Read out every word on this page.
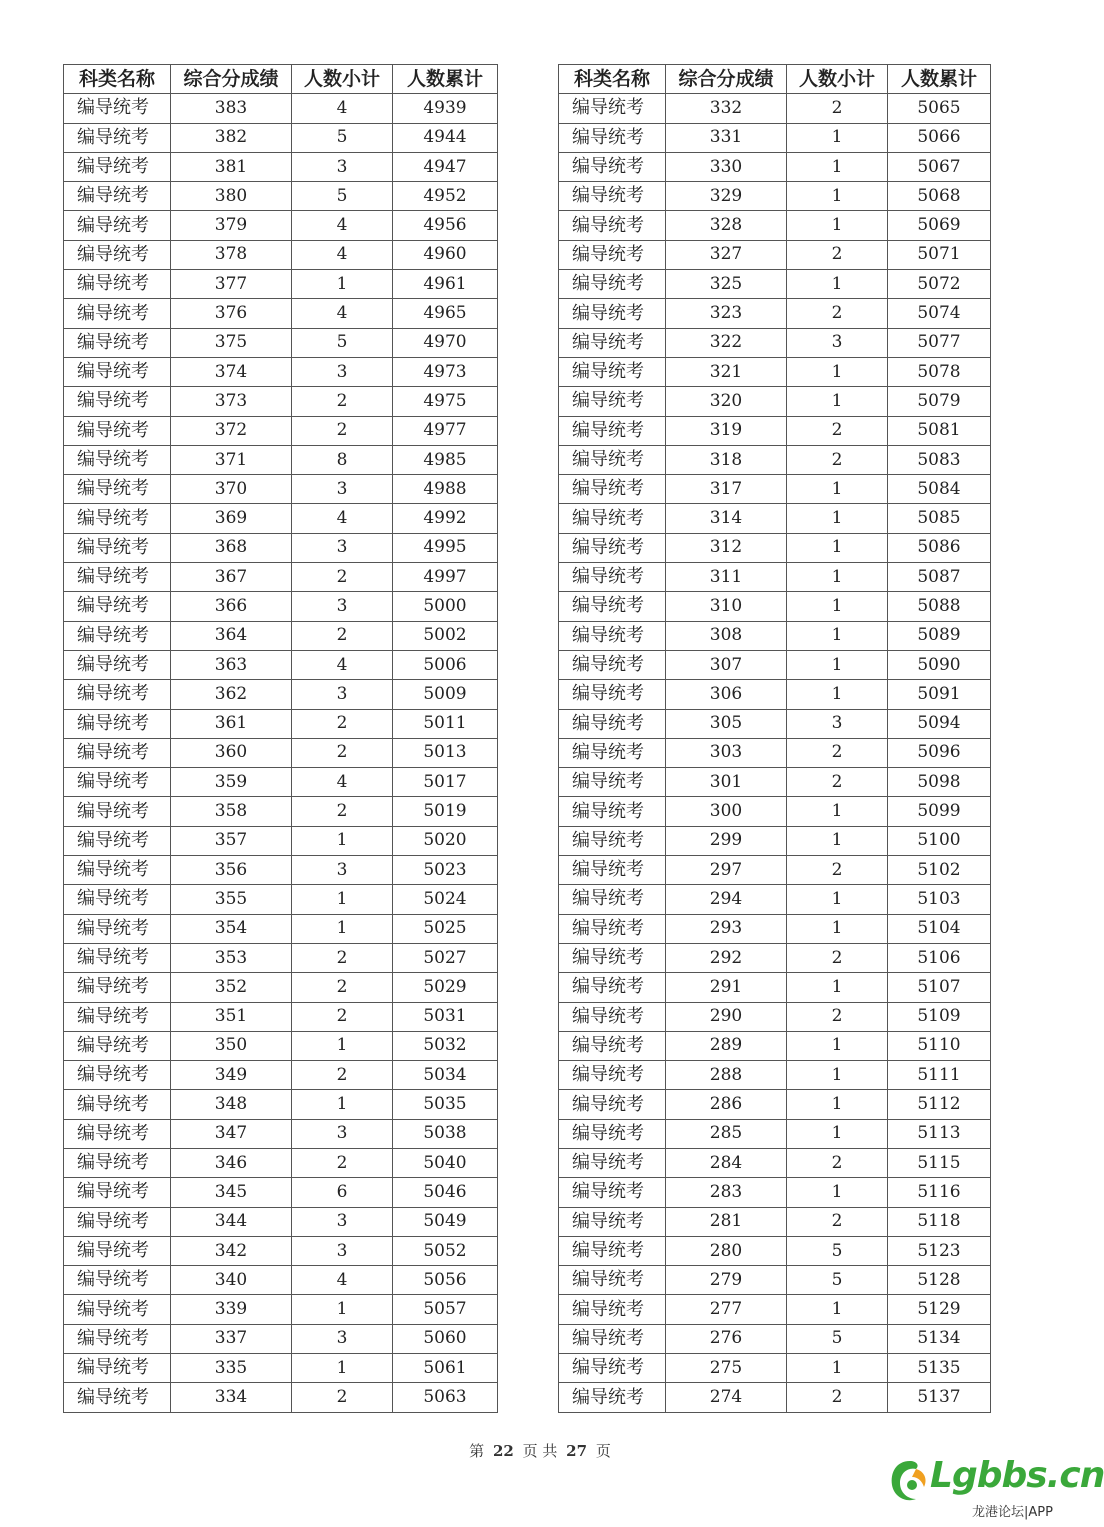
科类名称	综合分成绩	人数小计	人数累计
编导统考	383	4	4939
编导统考	382	5	4944
编导统考	381	3	4947
编导统考	380	5	4952
编导统考	379	4	4956
编导统考	378	4	4960
编导统考	377	1	4961
编导统考	376	4	4965
编导统考	375	5	4970
编导统考	374	3	4973
编导统考	373	2	4975
编导统考	372	2	4977
编导统考	371	8	4985
编导统考	370	3	4988
编导统考	369	4	4992
编导统考	368	3	4995
编导统考	367	2	4997
编导统考	366	3	5000
编导统考	364	2	5002
编导统考	363	4	5006
编导统考	362	3	5009
编导统考	361	2	5011
编导统考	360	2	5013
编导统考	359	4	5017
编导统考	358	2	5019
编导统考	357	1	5020
编导统考	356	3	5023
编导统考	355	1	5024
编导统考	354	1	5025
编导统考	353	2	5027
编导统考	352	2	5029
编导统考	351	2	5031
编导统考	350	1	5032
编导统考	349	2	5034
编导统考	348	1	5035
编导统考	347	3	5038
编导统考	346	2	5040
编导统考	345	6	5046
编导统考	344	3	5049
编导统考	342	3	5052
编导统考	340	4	5056
编导统考	339	1	5057
编导统考	337	3	5060
编导统考	335	1	5061
编导统考	334	2	5063
科类名称	综合分成绩	人数小计	人数累计
编导统考	332	2	5065
编导统考	331	1	5066
编导统考	330	1	5067
编导统考	329	1	5068
编导统考	328	1	5069
编导统考	327	2	5071
编导统考	325	1	5072
编导统考	323	2	5074
编导统考	322	3	5077
编导统考	321	1	5078
编导统考	320	1	5079
编导统考	319	2	5081
编导统考	318	2	5083
编导统考	317	1	5084
编导统考	314	1	5085
编导统考	312	1	5086
编导统考	311	1	5087
编导统考	310	1	5088
编导统考	308	1	5089
编导统考	307	1	5090
编导统考	306	1	5091
编导统考	305	3	5094
编导统考	303	2	5096
编导统考	301	2	5098
编导统考	300	1	5099
编导统考	299	1	5100
编导统考	297	2	5102
编导统考	294	1	5103
编导统考	293	1	5104
编导统考	292	2	5106
编导统考	291	1	5107
编导统考	290	2	5109
编导统考	289	1	5110
编导统考	288	1	5111
编导统考	286	1	5112
编导统考	285	1	5113
编导统考	284	2	5115
编导统考	283	1	5116
编导统考	281	2	5118
编导统考	280	5	5123
编导统考	279	5	5128
编导统考	277	1	5129
编导统考	276	5	5134
编导统考	275	1	5135
编导统考	274	2	5137
第 22 页 共 27 页
Lgbbs.cn
龙港论坛|APP
